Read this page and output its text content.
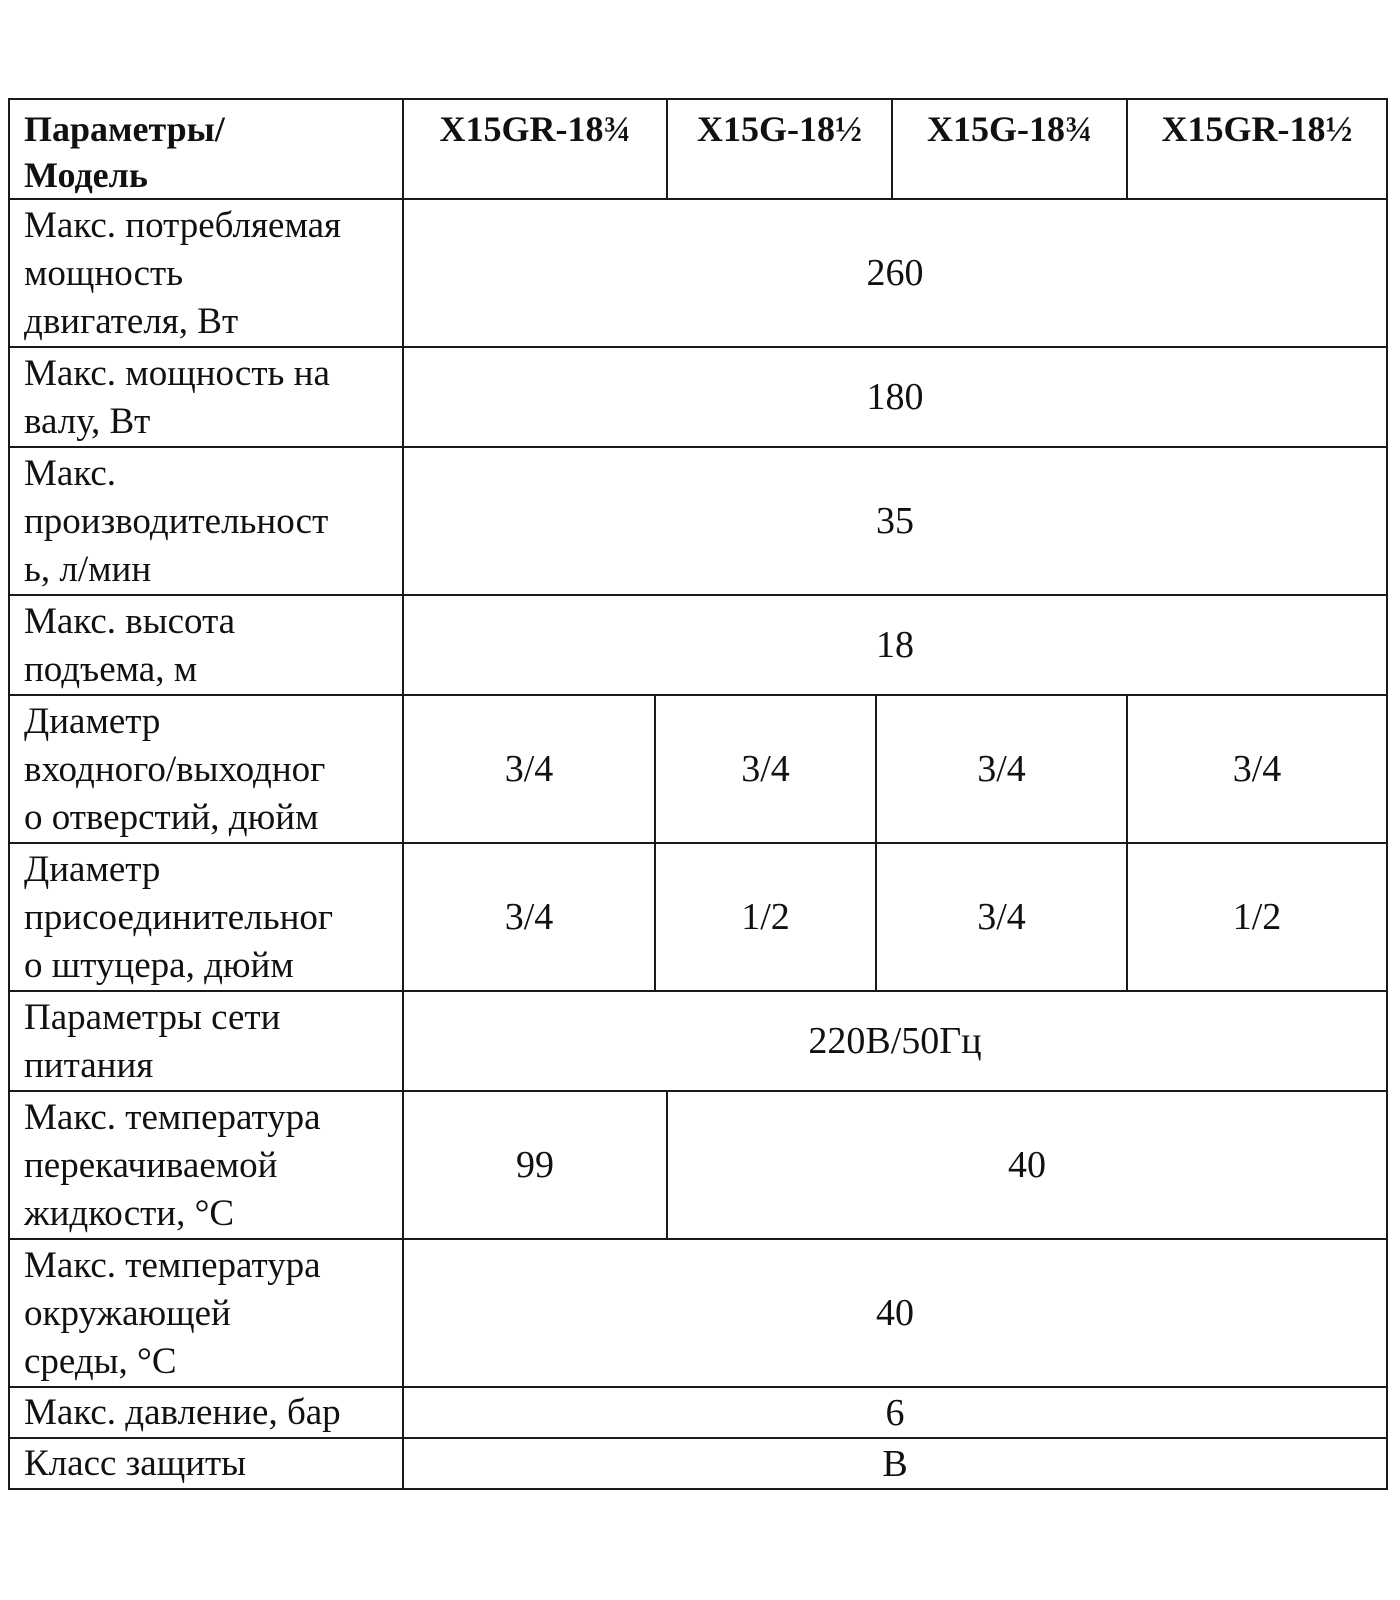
Параметры/
Модель	X15GR-18¾		X15G-18½		X15G-18¾	X15GR-18½	

Макс. потребляемая
мощность
двигателя, Вт	260						

Макс. мощность на
валу, Вт	180						

Макс.
производительност
ь, л/мин	35						

Макс. высота
подъема, м	18						

Диаметр
входного/выходног
о отверстий, дюйм	3/4	3/4		3/4		3/4	

Диаметр
присоединительног
о штуцера, дюйм	3/4	1/2		3/4		1/2	

Параметры сети
питания	220В/50Гц						

Макс. температура
перекачиваемой
жидкости, °C	99		40	

Макс. температура
окружающей
среды, °C	40						

Макс. давление, бар	6						

Класс защиты	B						
